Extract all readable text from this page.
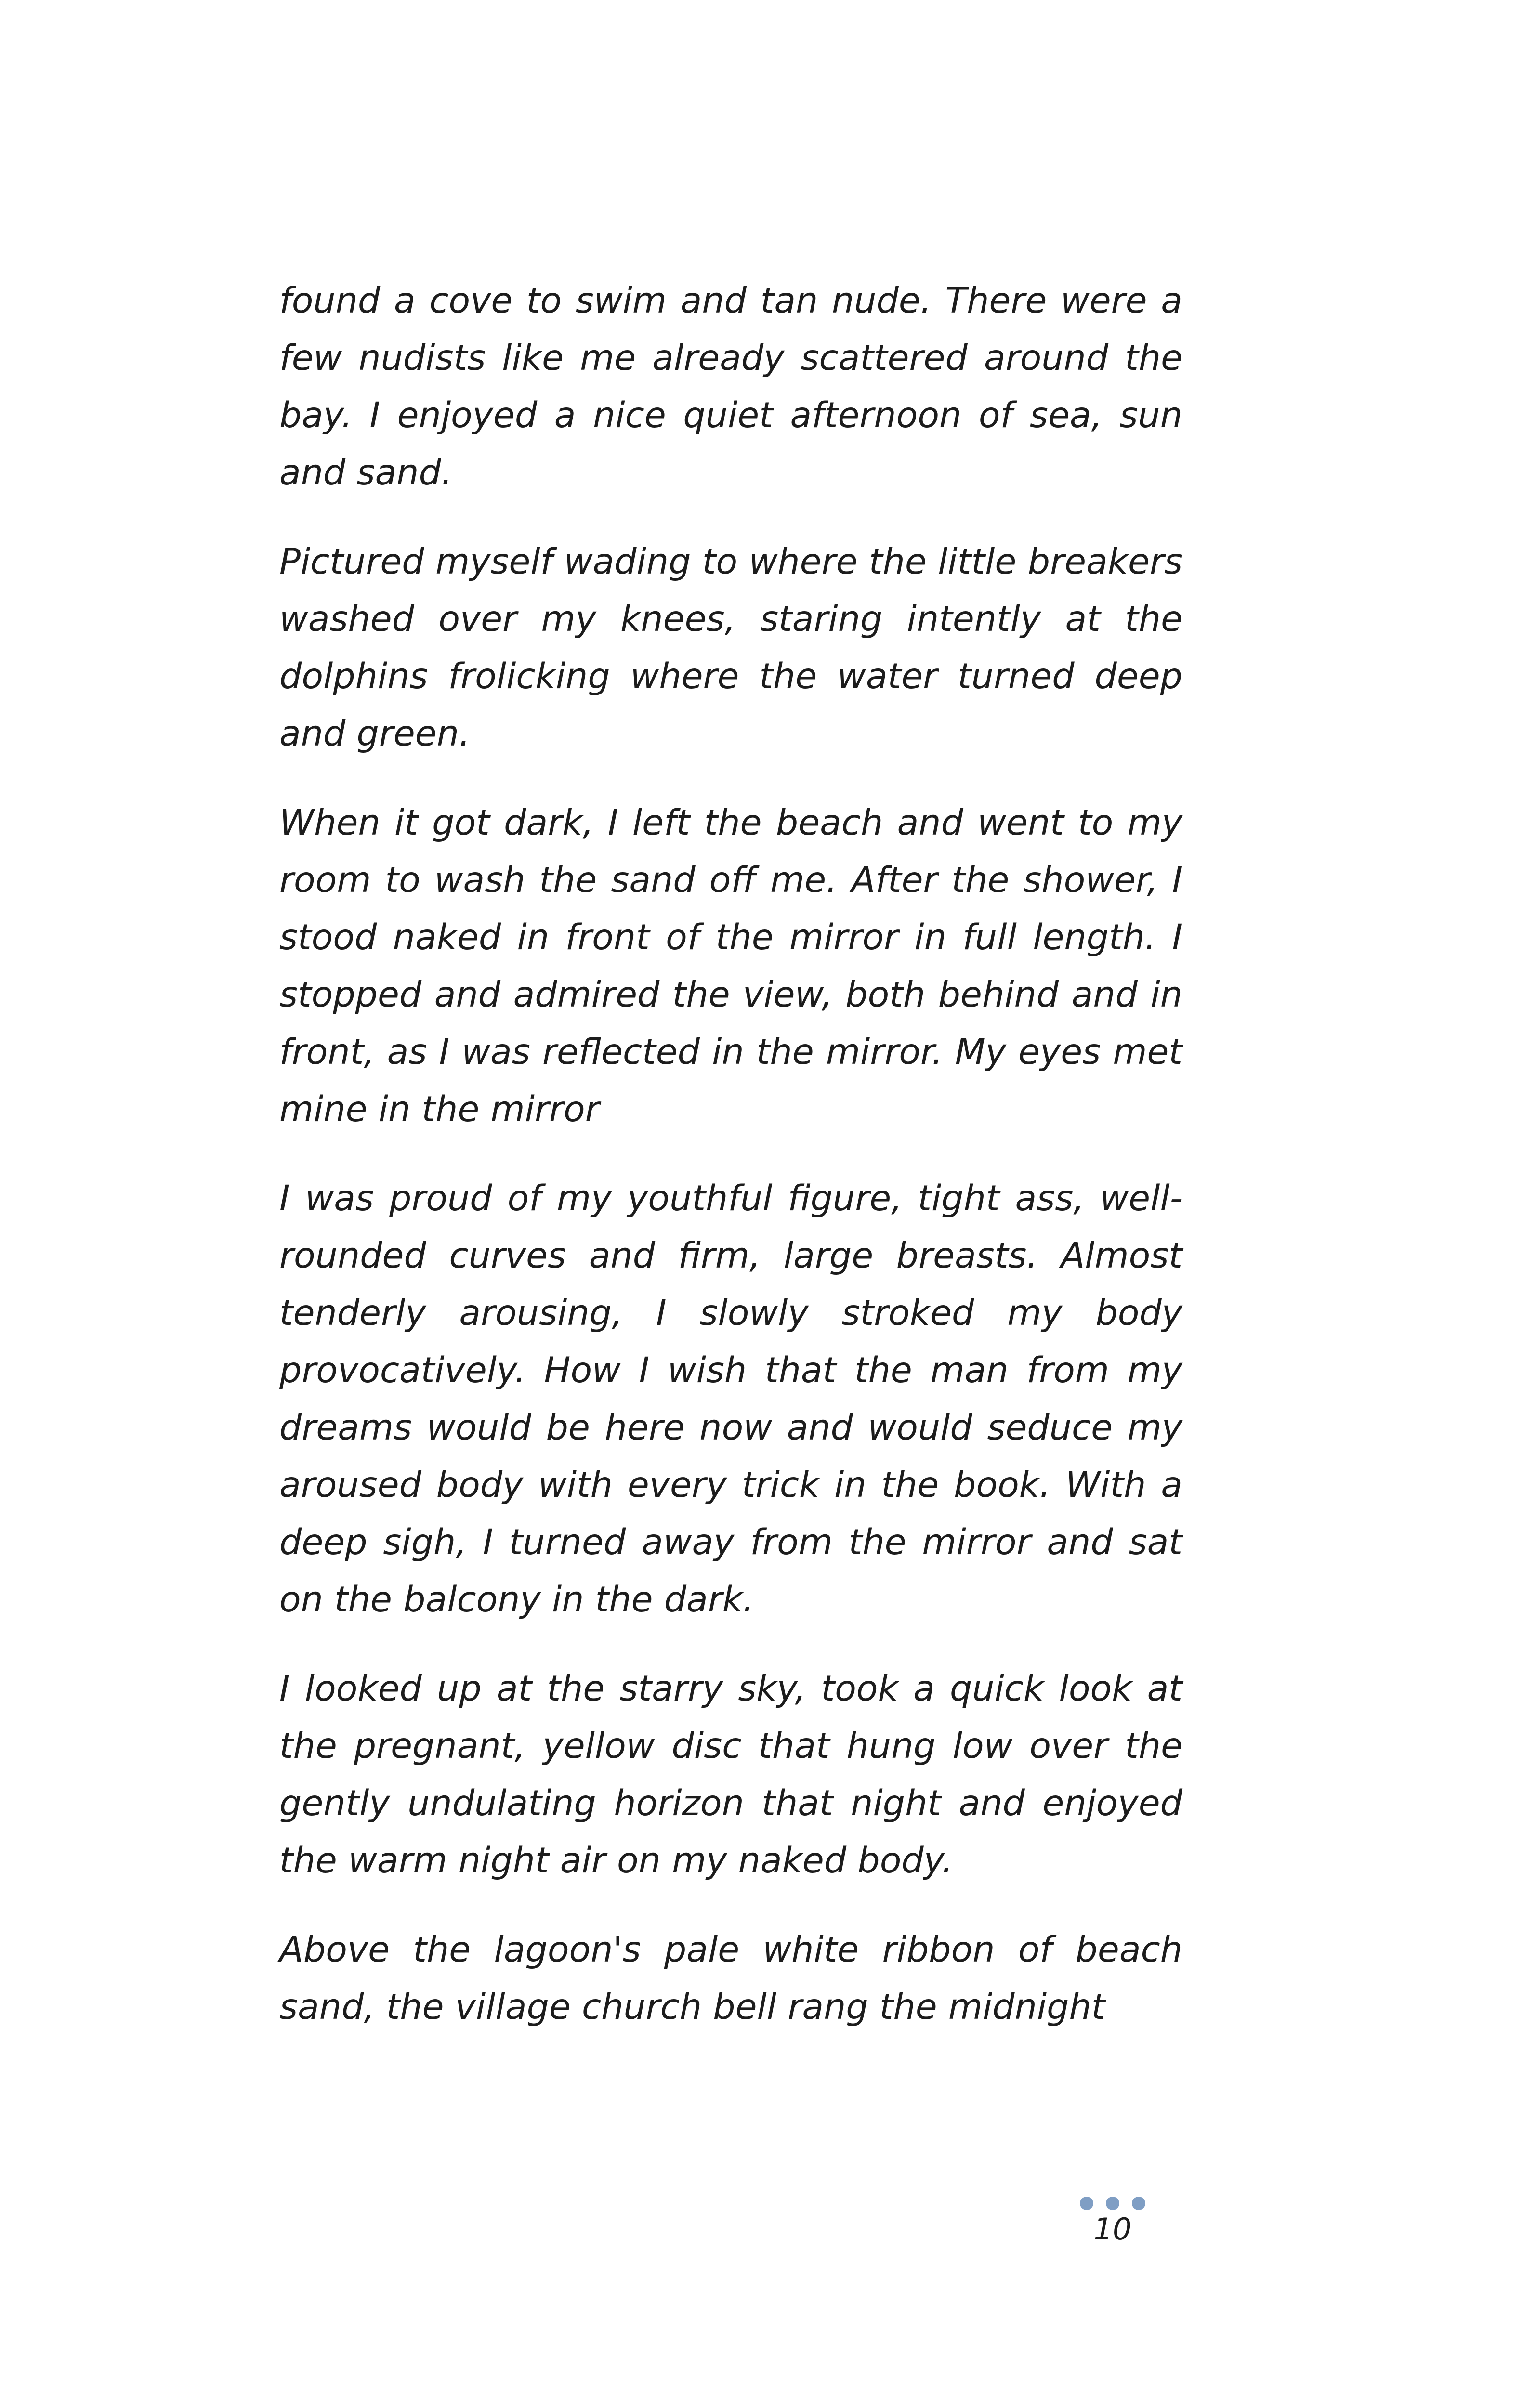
found a cove to swim and tan nude. There were a few nudists like me already scattered around the bay. I enjoyed a nice quiet afternoon of sea, sun and sand.

Pictured myself wading to where the little breakers washed over my knees, staring intently at the dolphins frolicking where the water turned deep and green.

When it got dark, I left the beach and went to my room to wash the sand off me. After the shower, I stood naked in front of the mirror in full length. I stopped and admired the view, both behind and in front, as I was reflected in the mirror. My eyes met mine in the mirror

I was proud of my youthful figure, tight ass, well-rounded curves and firm, large breasts. Almost tenderly arousing, I slowly stroked my body provocatively. How I wish that the man from my dreams would be here now and would seduce my aroused body with every trick in the book. With a deep sigh, I turned away from the mirror and sat on the balcony in the dark.

I looked up at the starry sky, took a quick look at the pregnant, yellow disc that hung low over the gently undulating horizon that night and enjoyed the warm night air on my naked body.

Above the lagoon's pale white ribbon of beach sand, the village church bell rang the midnight

10
